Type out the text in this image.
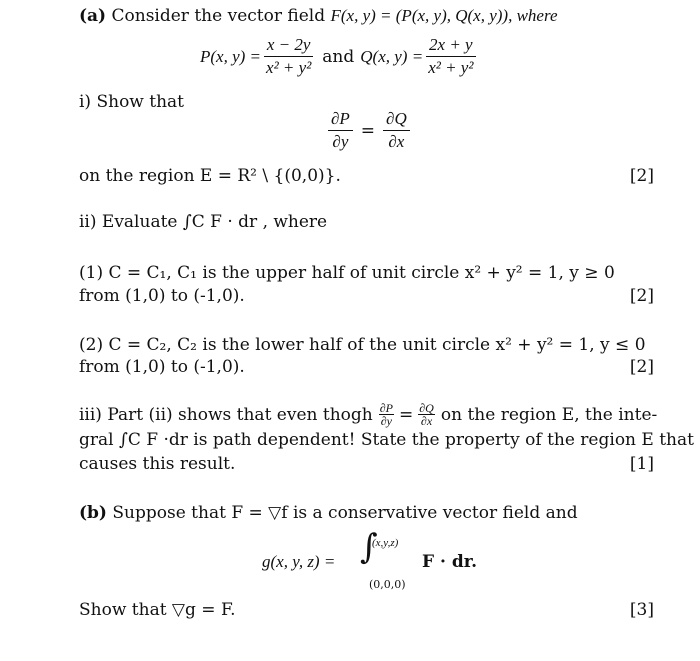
(a) Consider the vector field F(x, y) = (P(x, y), Q(x, y)), where
P(x, $y) = \frac{x - 2y}{\text{x² + y²}}$ and Q(x, $y) = \frac{2x + y}{\text{x² + y²}}$
i) Show that
$\frac{\partial P}{\partial y} = \frac{\partial Q}{\partial x}$
on the region E = R² \ {(0,0)}.	[2]
ii) Evaluate ∫C F · dr , where
(1) C = C₁, C₁ is the upper half of unit circle x² + y² = 1, y ≥ 0
from (1,0) to (-1,0).	[2]
(2) C = C₂, C₂ is the lower half of the unit circle x² + y² = 1, y ≤ 0
from (1,0) to (-1,0).	[2]
iii) Part (ii) shows that even thogh $\frac{\partial P}{\partial y} = \frac{\partial Q}{\partial x}$ on the region E, the inte-
gral ∫C F ·dr is path dependent! State the property of the region E that
causes this result.	[1]
(b) Suppose that F = ▽f is a conservative vector field and
g(x, y, z) = ∫
(x,y,z)
(0,0,0)
F · dr.
Show that ▽g = F.	[3]
